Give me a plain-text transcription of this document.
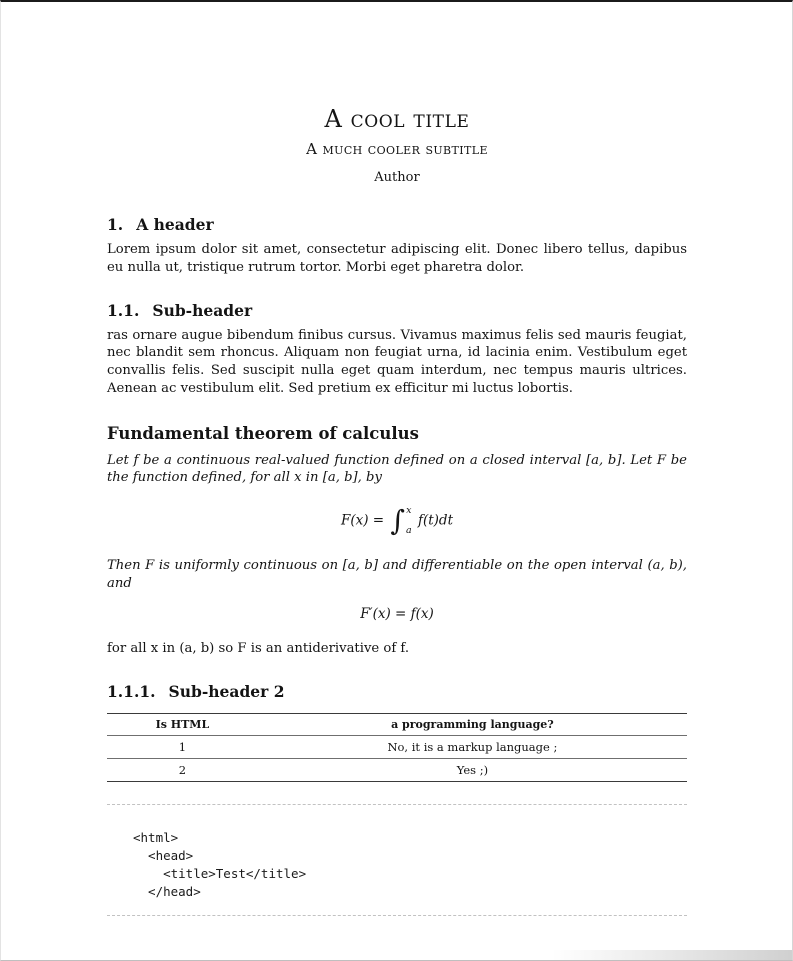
A cool title
A much cooler subtitle
Author
1. A header

Lorem ipsum dolor sit amet, consectetur adipiscing elit. Donec libero tellus, dapibus eu nulla ut, tristique rutrum tortor. Morbi eget pharetra dolor.

1.1. Sub-header

ras ornare augue bibendum finibus cursus. Vivamus maximus felis sed mauris feugiat, nec blandit sem rhoncus. Aliquam non feugiat urna, id lacinia enim. Vestibulum eget convallis felis. Sed suscipit nulla eget quam interdum, nec tempus mauris ultrices. Aenean ac vestibulum elit. Sed pretium ex efficitur mi luctus lobortis.

Fundamental theorem of calculus

Let f be a continuous real-valued function defined on a closed interval [a, b]. Let F be the function defined, for all x in [a, b], by

F(x) = ∫ x
a
f(t)dt

Then F is uniformly continuous on [a, b] and differentiable on the open interval (a, b), and

F′(x) = f(x)

for all x in (a, b) so F is an antiderivative of f.

1.1.1. Sub-header 2
Is HTML	a programming language?
1	No, it is a markup language ;
2	Yes ;)
<html>
<head>
<title>Test</title>
</head>
